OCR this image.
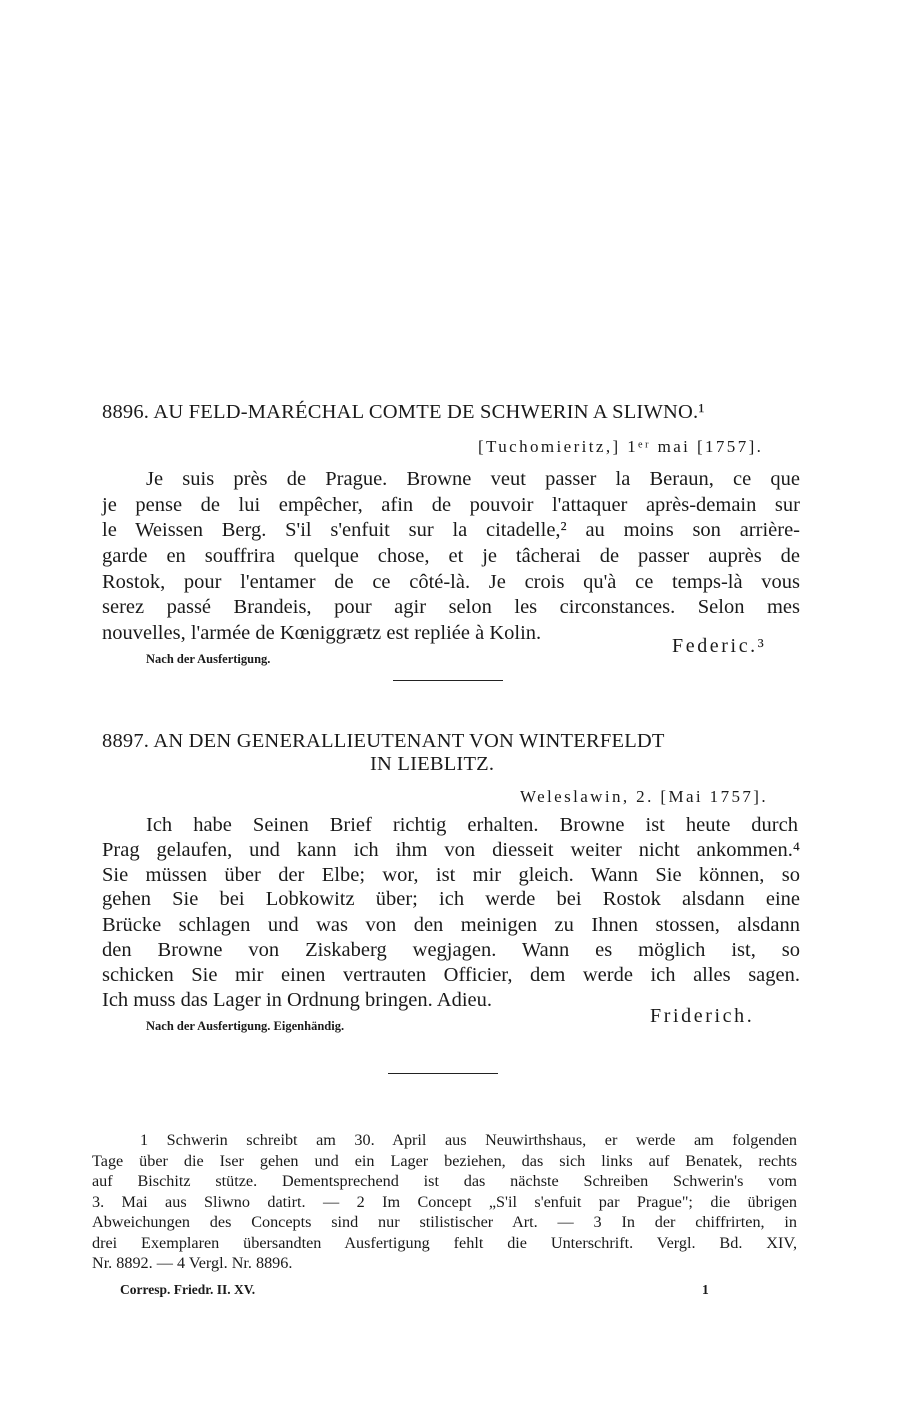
8896. AU FELD-MARÉCHAL COMTE DE SCHWERIN A SLIWNO.¹
[Tuchomieritz,] 1ᵉʳ mai [1757].
Je suis près de Prague. Browne veut passer la Beraun, ce que
je pense de lui empêcher, afin de pouvoir l'attaquer après-demain sur
le Weissen Berg. S'il s'enfuit sur la citadelle,² au moins son arrière-
garde en souffrira quelque chose, et je tâcherai de passer auprès de
Rostok, pour l'entamer de ce côté-là. Je crois qu'à ce temps-là vous
serez passé Brandeis, pour agir selon les circonstances. Selon mes
nouvelles, l'armée de Kœniggrætz est repliée à Kolin.
Federic.³
Nach der Ausfertigung.
8897. AN DEN GENERALLIEUTENANT VON WINTERFELDT
IN LIEBLITZ.
Weleslawin, 2. [Mai 1757].
Ich habe Seinen Brief richtig erhalten. Browne ist heute durch
Prag gelaufen, und kann ich ihm von diesseit weiter nicht ankommen.⁴
Sie müssen über der Elbe; wor, ist mir gleich. Wann Sie können, so
gehen Sie bei Lobkowitz über; ich werde bei Rostok alsdann eine
Brücke schlagen und was von den meinigen zu Ihnen stossen, alsdann
den Browne von Ziskaberg wegjagen. Wann es möglich ist, so
schicken Sie mir einen vertrauten Officier, dem werde ich alles sagen.
Ich muss das Lager in Ordnung bringen. Adieu.
Friderich.
Nach der Ausfertigung. Eigenhändig.
1 Schwerin schreibt am 30. April aus Neuwirthshaus, er werde am folgenden
Tage über die Iser gehen und ein Lager beziehen, das sich links auf Benatek, rechts
auf Bischitz stütze. Dementsprechend ist das nächste Schreiben Schwerin's vom
3. Mai aus Sliwno datirt. — 2 Im Concept „S'il s'enfuit par Prague"; die übrigen
Abweichungen des Concepts sind nur stilistischer Art. — 3 In der chiffrirten, in
drei Exemplaren übersandten Ausfertigung fehlt die Unterschrift. Vergl. Bd. XIV,
Nr. 8892. — 4 Vergl. Nr. 8896.
Corresp. Friedr. II. XV.	1
